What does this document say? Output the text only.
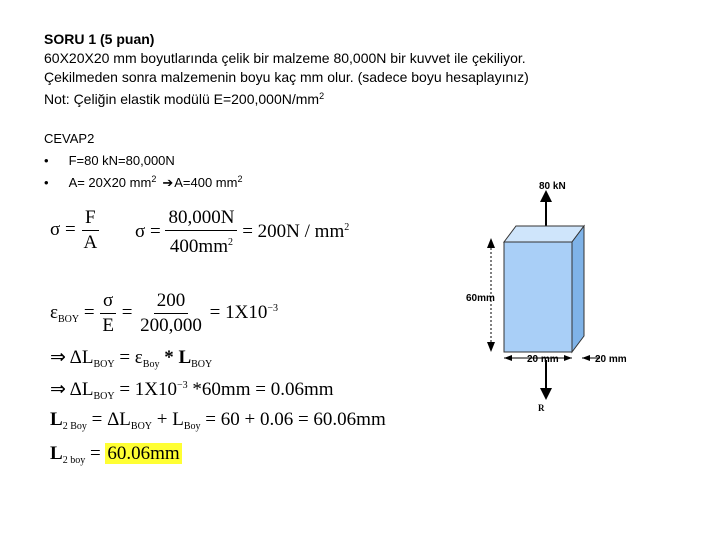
SORU 1 (5 puan)
60X20X20 mm boyutlarında çelik bir malzeme 80,000N bir kuvvet ile çekiliyor.
Çekilmeden sonra malzemenin boyu kaç mm olur. (sadece boyu hesaplayınız)
Not: Çeliğin elastik modülü $E=200,000N/mm^2$
CEVAP2
• F=80 kN=80,000N
• A= 20X20 $mm^2$ ➔A=400 $mm^2$
$\sigma = \frac{F}{A}$ $\sigma = \frac{80,000N}{400mm^2} = 200N / mm^2$
$\varepsilon_{BOY} = \frac{\sigma}{E} = \frac{200}{200,000} = 1X10^{-3}$
⇒ $\Delta L_{BOY} = \varepsilon_{Boy} * L_{BOY}$
⇒ $\Delta L_{BOY} = 1X10^{-3}$ *60mm = 0.06mm
$L_{2 Boy} = \Delta L_{BOY} + L_{Boy} = 60 + 0.06 = 60.06mm$
$L_{2 boy} = 60.06mm$
80 kN
60mm
20 mm	20 mm
R
